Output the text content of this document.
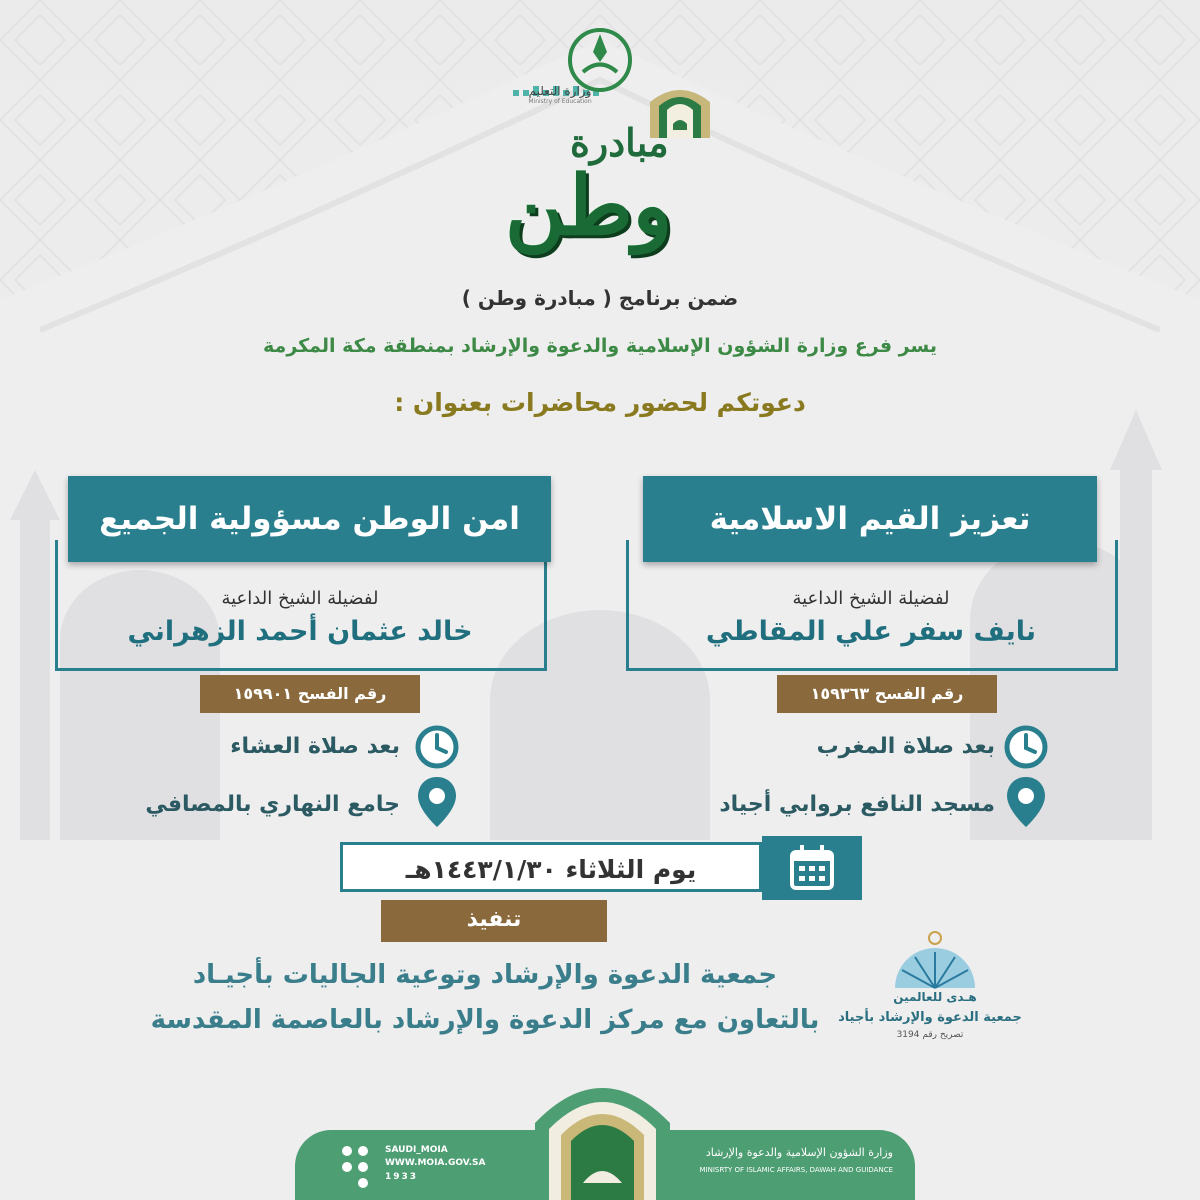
وزارة التعليم
Ministry of Education
مبادرة
وطن
ضمن برنامج ( مبادرة وطن )
يسر فرع وزارة الشؤون الإسلامية والدعوة والإرشاد بمنطقة مكة المكرمة
دعوتكم لحضور محاضرات بعنوان :
تعزيز القيم الاسلامية
لفضيلة الشيخ الداعية
نايف سفر علي المقاطي
رقم الفسح ١٥٩٣٦٣
بعد صلاة المغرب
مسجد النافع بروابي أجياد
امن الوطن مسؤولية الجميع
لفضيلة الشيخ الداعية
خالد عثمان أحمد الزهراني
رقم الفسح ١٥٩٩٠١
بعد صلاة العشاء
جامع النهاري بالمصافي
يوم الثلاثاء ١٤٤٣/١/٣٠هـ
تنفيذ
جمعية الدعوة والإرشاد وتوعية الجاليات بأجيـاد
بالتعاون مع مركز الدعوة والإرشاد بالعاصمة المقدسة
هـدى للعالمين
جمعية الدعوة والإرشاد بأجياد
تصريح رقم 3194
وزارة الشؤون الإسلامية والدعوة والإرشاد
MINISRTY OF ISLAMIC AFFAIRS, DAWAH AND GUIDANCE
SAUDI_MOIA
WWW.MOIA.GOV.SA
1933
